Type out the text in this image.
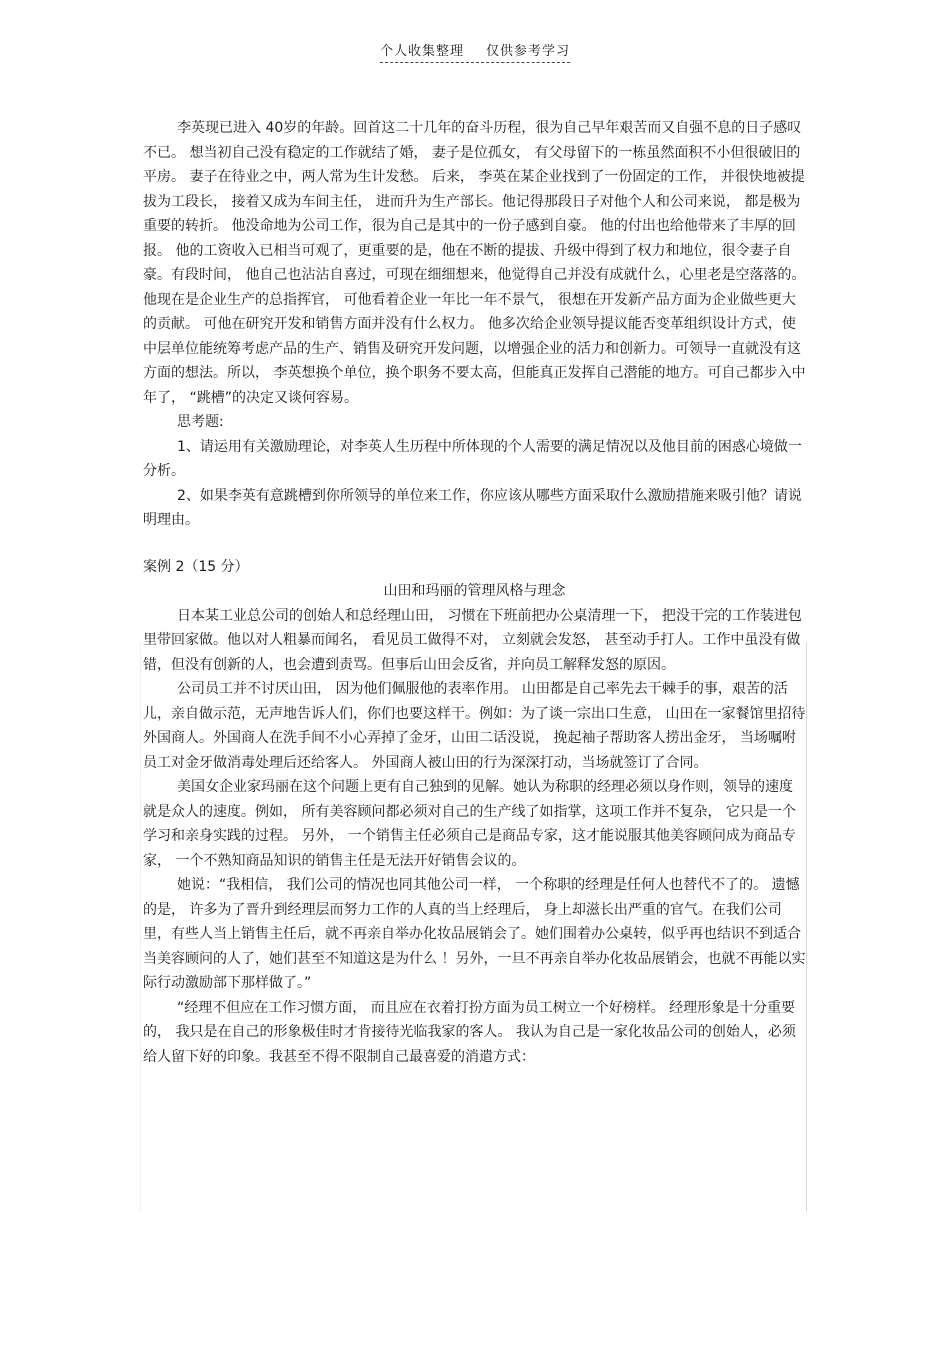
个人收集整理 仅供参考学习

李英现已进入 40岁的年龄。回首这二十几年的奋斗历程，很为自己早年艰苦而又自强不息的日子感叹不已。 想当初自己没有稳定的工作就结了婚， 妻子是位孤女， 有父母留下的一栋虽然面积不小但很破旧的平房。 妻子在待业之中，两人常为生计发愁。 后来， 李英在某企业找到了一份固定的工作， 并很快地被提拔为工段长， 接着又成为车间主任， 进而升为生产部长。他记得那段日子对他个人和公司来说， 都是极为重要的转折。 他没命地为公司工作，很为自己是其中的一份子感到自豪。 他的付出也给他带来了丰厚的回报。 他的工资收入已相当可观了，更重要的是，他在不断的提拔、升级中得到了权力和地位，很令妻子自豪。有段时间， 他自己也沾沾自喜过，可现在细细想来，他觉得自己并没有成就什么，心里老是空落落的。他现在是企业生产的总指挥官， 可他看着企业一年比一年不景气， 很想在开发新产品方面为企业做些更大的贡献。 可他在研究开发和销售方面并没有什么权力。 他多次给企业领导提议能否变革组织设计方式，使中层单位能统筹考虑产品的生产、销售及研究开发问题，以增强企业的活力和创新力。可领导一直就没有这方面的想法。所以， 李英想换个单位，换个职务不要太高，但能真正发挥自己潜能的地方。可自己都步入中年了， “跳槽”的决定又谈何容易。

思考题:

1、请运用有关激励理论，对李英人生历程中所体现的个人需要的满足情况以及他目前的困惑心境做一分析。

2、如果李英有意跳槽到你所领导的单位来工作，你应该从哪些方面采取什么激励措施来吸引他？请说明理由。

案例 2（15 分）

山田和玛丽的管理风格与理念

日本某工业总公司的创始人和总经理山田， 习惯在下班前把办公桌清理一下， 把没干完的工作装进包里带回家做。他以对人粗暴而闻名， 看见员工做得不对， 立刻就会发怒， 甚至动手打人。工作中虽没有做错，但没有创新的人，也会遭到责骂。但事后山田会反省，并向员工解释发怒的原因。

公司员工并不讨厌山田， 因为他们佩服他的表率作用。 山田都是自己率先去干棘手的事，艰苦的活儿，亲自做示范，无声地告诉人们，你们也要这样干。例如：为了谈一宗出口生意， 山田在一家餐馆里招待外国商人。外国商人在洗手间不小心弄掉了金牙，山田二话没说， 挽起袖子帮助客人捞出金牙， 当场嘱咐员工对金牙做消毒处理后还给客人。 外国商人被山田的行为深深打动，当场就签订了合同。

美国女企业家玛丽在这个问题上更有自己独到的见解。她认为称职的经理必须以身作则，领导的速度就是众人的速度。例如， 所有美容顾问都必须对自己的生产线了如指掌，这项工作并不复杂， 它只是一个学习和亲身实践的过程。 另外， 一个销售主任必须自己是商品专家，这才能说服其他美容顾问成为商品专家， 一个不熟知商品知识的销售主任是无法开好销售会议的。

她说：“我相信， 我们公司的情况也同其他公司一样， 一个称职的经理是任何人也替代不了的。 遗憾的是， 许多为了晋升到经理层而努力工作的人真的当上经理后， 身上却滋长出严重的官气。在我们公司里，有些人当上销售主任后，就不再亲自举办化妆品展销会了。她们围着办公桌转，似乎再也结识不到适合当美容顾问的人了，她们甚至不知道这是为什么 ！另外，一旦不再亲自举办化妆品展销会，也就不再能以实际行动激励部下那样做了。”

“经理不但应在工作习惯方面， 而且应在衣着打扮方面为员工树立一个好榜样。 经理形象是十分重要的， 我只是在自己的形象极佳时才肯接待光临我家的客人。 我认为自己是一家化妆品公司的创始人，必须给人留下好的印象。我甚至不得不限制自己最喜爱的消遣方式：
